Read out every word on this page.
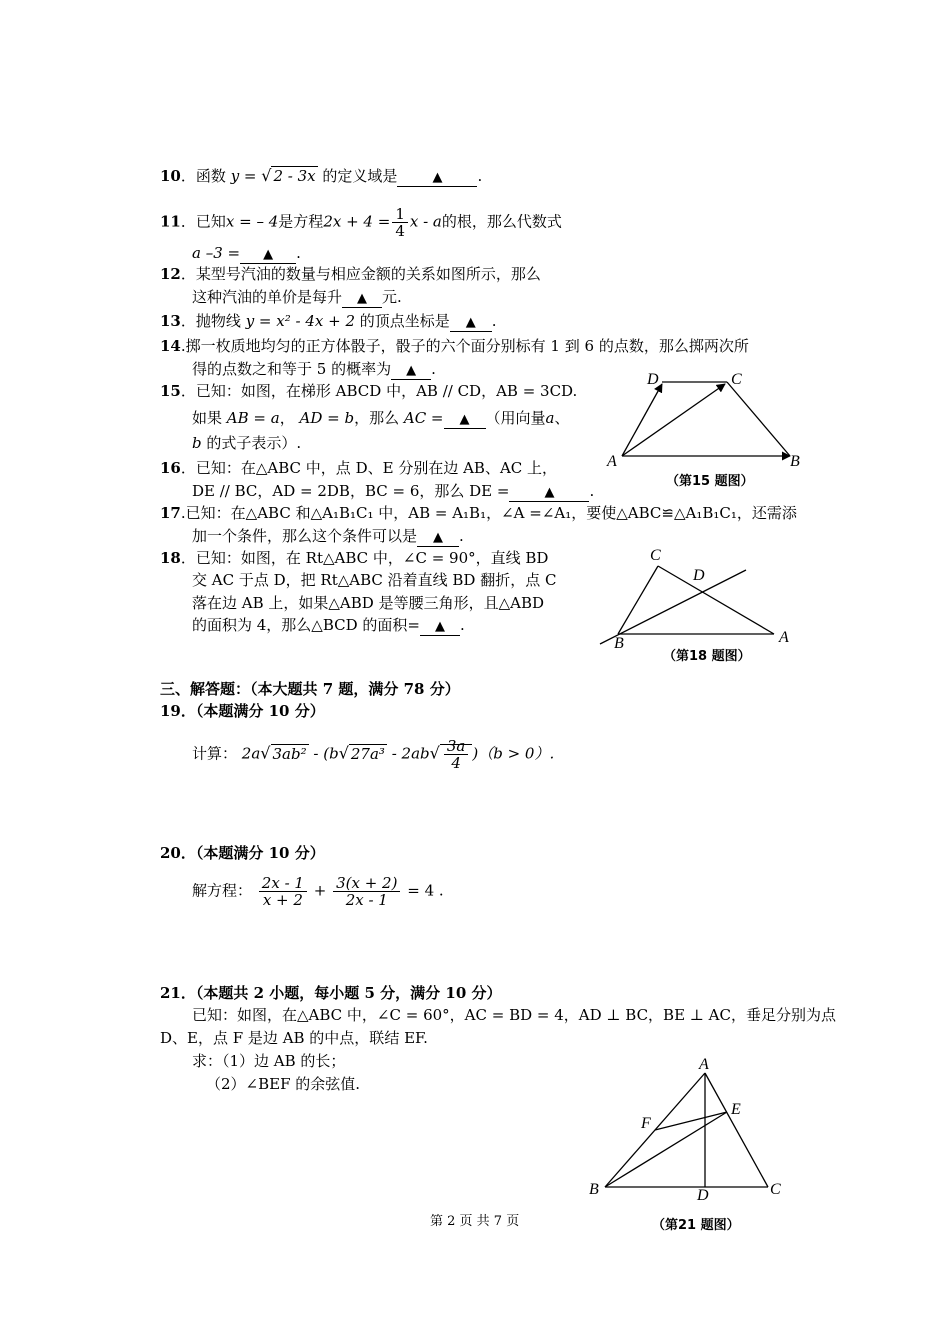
10．函数 y = √ 2 - 3x 的定义域是	▲ .
11．已知x = – 4是方程$2x + 4 = \frac{1}{4}$ x - a的根，那么代数式
a –3 = ▲ .
12．某型号汽油的数量与相应金额的关系如图所示，那么
这种汽油的单价是每升 ▲ 元.
13．抛物线 y = x² - 4x + 2 的顶点坐标是 ▲ .
14.掷一枚质地均匀的正方体骰子，骰子的六个面分别标有 1 到 6 的点数，那么掷两次所
得的点数之和等于 5 的概率为 ▲ .
15．已知：如图，在梯形 ABCD 中，AB // CD，AB = 3CD.
如果 AB = a， AD = b，那么 AC = ▲ （用向量a、
b 的式子表示）.
16．已知：在△ABC 中，点 D、E 分别在边 AB、AC 上，
DE // BC，AD = 2DB，BC = 6，那么 DE =	▲ .
17.已知：在△ABC 和△A₁B₁C₁ 中，AB = A₁B₁，∠A =∠A₁，要使△ABC≌△A₁B₁C₁，还需添
加一个条件，那么这个条件可以是 ▲ .
18．已知：如图，在 Rt△ABC 中，∠C = 90°，直线 BD
交 AC 于点 D，把 Rt△ABC 沿着直线 BD 翻折，点 C
落在边 AB 上，如果△ABD 是等腰三角形，且△ABD
的面积为 4，那么△BCD 的面积= ▲ .
A	B
C
D
（第15 题图）
C
D
B	A
（第18 题图）
三、解答题：（本大题共 7 题，满分 78 分）
19．（本题满分 10 分）
计算： 2a√ 3ab² - (b√ $27a^3 - 2ab√ \frac{3a}{4} )(b > 0)$.
20．（本题满分 10 分）
解方程： $\frac{2x - 1}{x + 2} + \frac{3(x + 2)}{2x - 1} = 4$ .
21．（本题共 2 小题，每小题 5 分，满分 10 分）
已知：如图，在△ABC 中，∠C = 60°，AC = BD = 4，AD ⊥ BC，BE ⊥ AC，垂足分别为点
D、E，点 F 是边 AB 的中点，联结 EF.
求：（1）边 AB 的长；
（2）∠BEF 的余弦值.
A
E
F
B	D	C
（第21 题图）
第 2 页 共 7 页
